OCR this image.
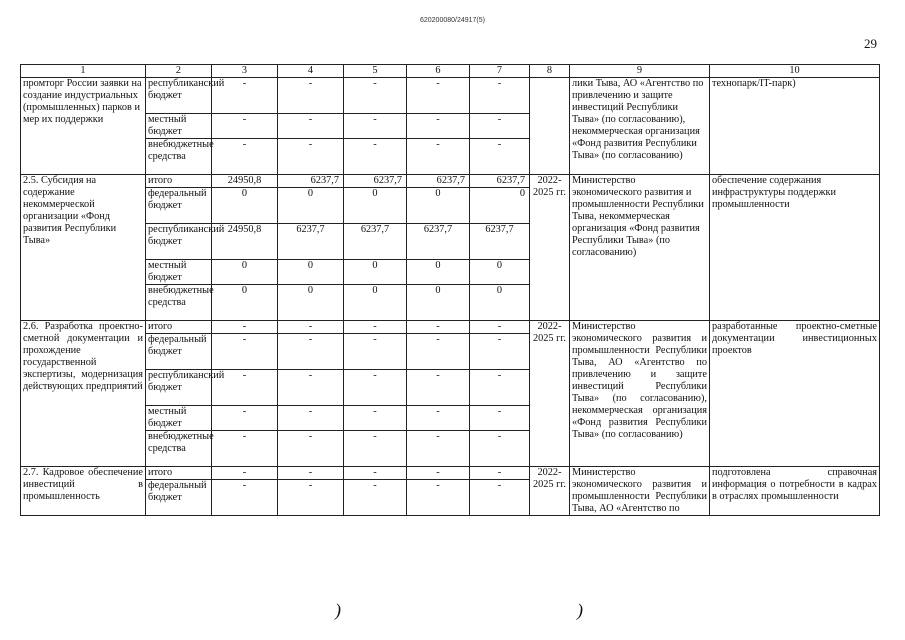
620200080/24917(5)
29
1	2	3	4	5	6	7	8	9	10
промторг России заявки на создание индустриальных (промышленных) парков и мер их поддержки	республиканский бюджет	-	-	-	-	-		лики Тыва, АО «Агентство по привлечению и защите инвестиций Республики Тыва» (по согласованию), некоммерческая организация «Фонд развития Республики Тыва» (по согласованию)	технопарк/IT-парк)
	местный бюджет	-	-	-	-	-			
	внебюджетные средства	-	-	-	-	-			
2.5. Субсидия на содержание некоммерческой организации «Фонд развития Республики Тыва»	итого	24950,8	6237,7	6237,7	6237,7	6237,7	2022-2025 гг.	Министерство экономического развития и промышленности Республики Тыва, некоммерческая организация «Фонд развития Республики Тыва» (по согласованию)	обеспечение содержания инфраструктуры поддержки промышленности
	федеральный бюджет	0	0	0	0	0			
	республиканский бюджет	24950,8	6237,7	6237,7	6237,7	6237,7			
	местный бюджет	0	0	0	0	0			
	внебюджетные средства	0	0	0	0	0			
2.6. Разработка проектно-сметной документации и прохождение государственной экспертизы, модернизация действующих предприятий	итого	-	-	-	-	-	2022-2025 гг.	Министерство экономического развития и промышленности Республики Тыва, АО «Агентство по привлечению и защите инвестиций Республики Тыва» (по согласованию), некоммерческая организация «Фонд развития Республики Тыва» (по согласованию)	разработанные проектно-сметные документации инвестиционных проектов
	федеральный бюджет	-	-	-	-	-			
	республиканский бюджет	-	-	-	-	-			
	местный бюджет	-	-	-	-	-			
	внебюджетные средства	-	-	-	-	-			
2.7. Кадровое обеспечение инвестиций в промышленность	итого	-	-	-	-	-	2022-2025 гг.	Министерство экономического развития и промышленности Республики Тыва, АО «Агентство по	подготовлена справочная информация о потребности в кадрах в отраслях промышленности
	федеральный бюджет	-	-	-	-	-			
)	)
